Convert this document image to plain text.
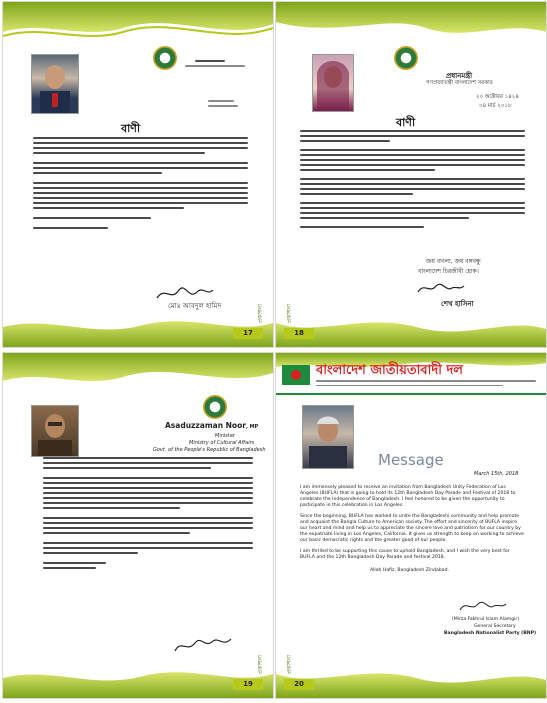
বাণী
মোঃ আবদুল হামিদ	প্রকাশনা
17
প্রধানমন্ত্রী
গণপ্রজাতন্ত্রী বাংলাদেশ সরকার
২০ অক্টোবর ১৪২৪
০৪ মার্চ ২০১৮
বাণী
জয় বাংলা, জয় বঙ্গবন্ধু
বাংলাদেশ চিরজীবী হোক।
শেখ হাসিনা
প্রকাশনা
18
Asaduzzaman Noor, MP
Minister
Ministry of Cultural Affairs
Govt. of the People's Republic of Bangladesh
প্রকাশনা
19
বাংলাদেশ জাতীয়তাবাদী দল
Message
March 15th, 2018

I am immensely pleased to receive an invitation from Bangladesh Unity Federation of Los Angeles (BUFLA) that is going to hold its 12th Bangladesh Day Parade and Festival of 2018 to celebrate the Independence of Bangladesh. I feel honored to be given the opportunity to participate in this celebration in Los Angeles.

Since the beginning, BUFLA has worked to unite the Bangladeshi community and help promote and acquaint the Bangla Culture to American society. The effort and sincerity of BUFLA inspire our heart and mind and help us to appreciate the sincere love and patriotism for our country by the expatriate living in Los Angeles, California. It gives us strength to keep on working to achieve our basic democratic rights and the greater good of our people.

I am thrilled to be supporting this cause to uphold Bangladesh, and I wish the very best for BUFLA and the 12th Bangladesh Day Parade and festival 2018.

Allah Hafiz. Bangladesh Zindabad.

(Mirza Fakhrul Islam Alamgir)
General Secretary
Bangladesh Nationalist Party (BNP)
প্রকাশনা
20
